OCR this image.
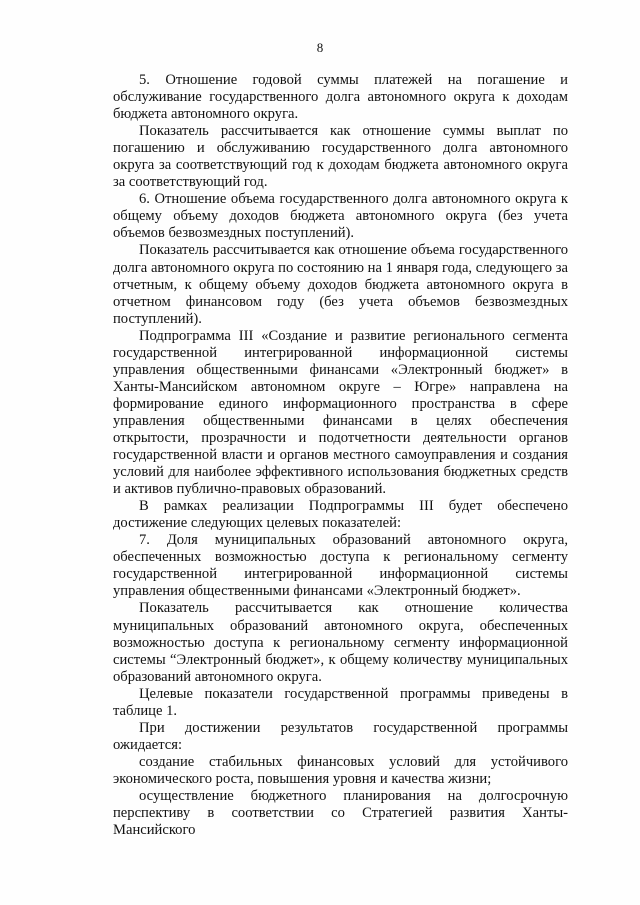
8

5. Отношение годовой суммы платежей на погашение и обслуживание государственного долга автономного округа к доходам бюджета автономного округа.

Показатель рассчитывается как отношение суммы выплат по погашению и обслуживанию государственного долга автономного округа за соответствующий год к доходам бюджета автономного округа за соответствующий год.

6. Отношение объема государственного долга автономного округа к общему объему доходов бюджета автономного округа (без учета объемов безвозмездных поступлений).

Показатель рассчитывается как отношение объема государственного долга автономного округа по состоянию на 1 января года, следующего за отчетным, к общему объему доходов бюджета автономного округа в отчетном финансовом году (без учета объемов безвозмездных поступлений).

Подпрограмма III «Создание и развитие регионального сегмента государственной интегрированной информационной системы управления общественными финансами «Электронный бюджет» в Ханты-Мансийском автономном округе – Югре» направлена на формирование единого информационного пространства в сфере управления общественными финансами в целях обеспечения открытости, прозрачности и подотчетности деятельности органов государственной власти и органов местного самоуправления и создания условий для наиболее эффективного использования бюджетных средств и активов публично-правовых образований.

В рамках реализации Подпрограммы III будет обеспечено достижение следующих целевых показателей:

7. Доля муниципальных образований автономного округа, обеспеченных возможностью доступа к региональному сегменту государственной интегрированной информационной системы управления общественными финансами «Электронный бюджет».

Показатель рассчитывается как отношение количества муниципальных образований автономного округа, обеспеченных возможностью доступа к региональному сегменту информационной системы “Электронный бюджет», к общему количеству муниципальных образований автономного округа.

Целевые показатели государственной программы приведены в таблице 1.

При достижении результатов государственной программы ожидается:

создание стабильных финансовых условий для устойчивого экономического роста, повышения уровня и качества жизни;

осуществление бюджетного планирования на долгосрочную перспективу в соответствии со Стратегией развития Ханты-Мансийского
